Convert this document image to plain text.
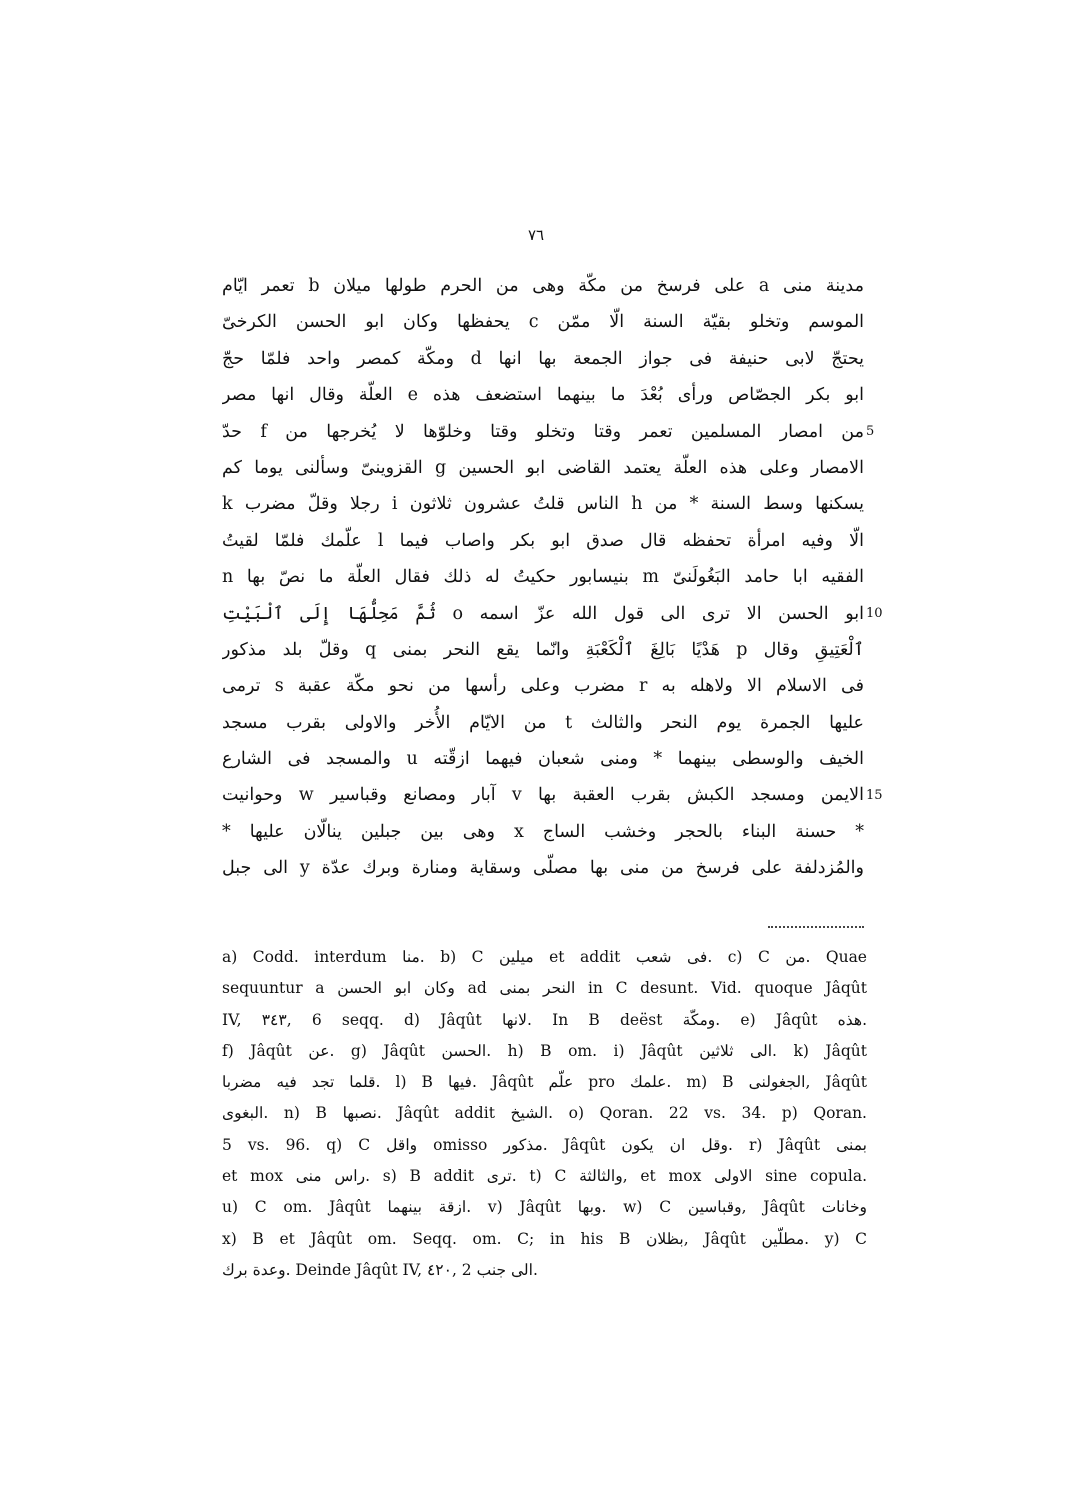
٧٦
مدينة منى a على فرسخ من مكّة وهى من الحرم طولها ميلان b تعمر ايّام
الموسم وتخلو بقيّة السنة الّا ممّن c يحفظها وكان ابو الحسن الكرخىّ
يحتجّ لابى حنيفة فى جواز الجمعة بها انها d ومكّة كمصر واحد فلمّا حجّ
ابو بكر الجصّاص ورأى بُعْدَ ما بينهما استضعف هذه e العلّة وقال انها مصر
من امصار المسلمين تعمر وقتا وتخلو وقتا وخلوّها لا يُخرجها من f حدّ
الامصار وعلى هذه العلّة يعتمد القاضى ابو الحسين g القزوينىّ وسألنى يوما كم
يسكنها وسط السنة * من h الناس قلتُ عشرون ثلاثون i رجلا وقلّ مضرب k
الّا وفيه امرأة تحفظه قال صدق ابو بكر واصاب فيما l علّمك فلمّا لقيتُ
الفقيه ابا حامد البَغُولَنىّ m بنيسابور حكيتُ له ذلك فقال العلّة ما نصّ بها n
ابو الحسن الا ترى الى قول الله عزّ اسمه o ثُمَّ مَحِلُّهَا إِلَى ٱلْبَيْتِ
ٱلْعَتِيقِ وقال p هَدْيًا بَالِغَ ٱلْكَعْبَةِ وانّما يقع النحر بمنى q وقلّ بلد مذكور
فى الاسلام الا ولاهله به r مضرب وعلى رأسها من نحو مكّة عقبة s ترمى
عليها الجمرة يوم النحر والثالث t من الايّام الأُخر والاولى بقرب مسجد
الخيف والوسطى بينهما * ومنى شعبان فيهما ازقّته u والمسجد فى الشارع
الايمن ومسجد الكبش بقرب العقبة بها v آبار ومصانع وقباسير w وحوانيت
* حسنة البناء بالحجر وخشب الساج x وهى بين جبلين ينالّان عليها *
والمُزدلفة على فرسخ من منى بها مصلّى وسقاية ومنارة وبرك عدّة y الى جبل
a) Codd. interdum منا. b) C ميلين et addit فى شعب. c) C من. Quae
sequuntur a وكان ابو الحسن ad النحر بمنى in C desunt. Vid. quoque Jâqût
IV, ٣٤٣, 6 seqq. d) Jâqût لانها. In B deëst ومكّة. e) Jâqût هذه.
f) Jâqût عن. g) Jâqût الحسن. h) B om. i) Jâqût الى ثلاثين. k) Jâqût
قلما تجد فيه مضربا. l) B فيها. Jâqût علّم pro علمك. m) B الجغولنى, Jâqût
البغوى. n) B نصبها. Jâqût addit الشيخ. o) Qoran. 22 vs. 34. p) Qoran.
5 vs. 96. q) C واقل omisso مذكور. Jâqût وقل ان يكون. r) Jâqût بمنى
et mox راس منى. s) B addit ترى. t) C والثالثة, et mox الاولى sine copula.
u) C om. Jâqût ازقة بينهما. v) Jâqût وبها. w) C وقباسين, Jâqût وخانات
x) B et Jâqût om. Seqq. om. C; in his B بظلان, Jâqût مطلّين. y) C
وعدة برك. Deinde Jâqût IV, ٤٢٠, 2 الى جنب.
5
10
15
